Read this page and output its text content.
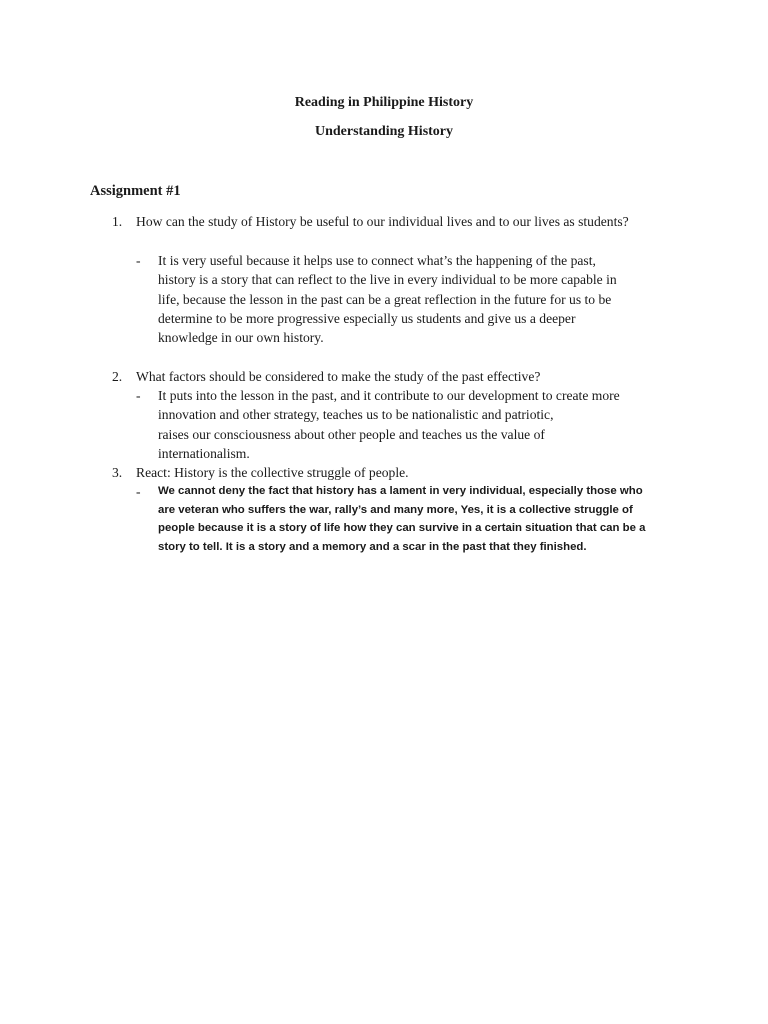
Reading in Philippine History
Understanding History
Assignment #1
1.	How can the study of History be useful to our individual lives and to our lives as students?
-	It is very useful because it helps use to connect what’s the happening of the past,
history is a story that can reflect to the live in every individual to be more capable in
life, because the lesson in the past can be a great reflection in the future for us to be
determine to be more progressive especially us students and give us a deeper
knowledge in our own history.
2.	What factors should be considered to make the study of the past effective?
-	It puts into the lesson in the past, and it contribute to our development to create more
innovation and other strategy, teaches us to be nationalistic and patriotic,
raises our consciousness about other people and teaches us the value of
internationalism.
3.	React: History is the collective struggle of people.
-	We cannot deny the fact that history has a lament in very individual, especially those who
are veteran who suffers the war, rally’s and many more, Yes, it is a collective struggle of
people because it is a story of life how they can survive in a certain situation that can be a
story to tell. It is a story and a memory and a scar in the past that they finished.
